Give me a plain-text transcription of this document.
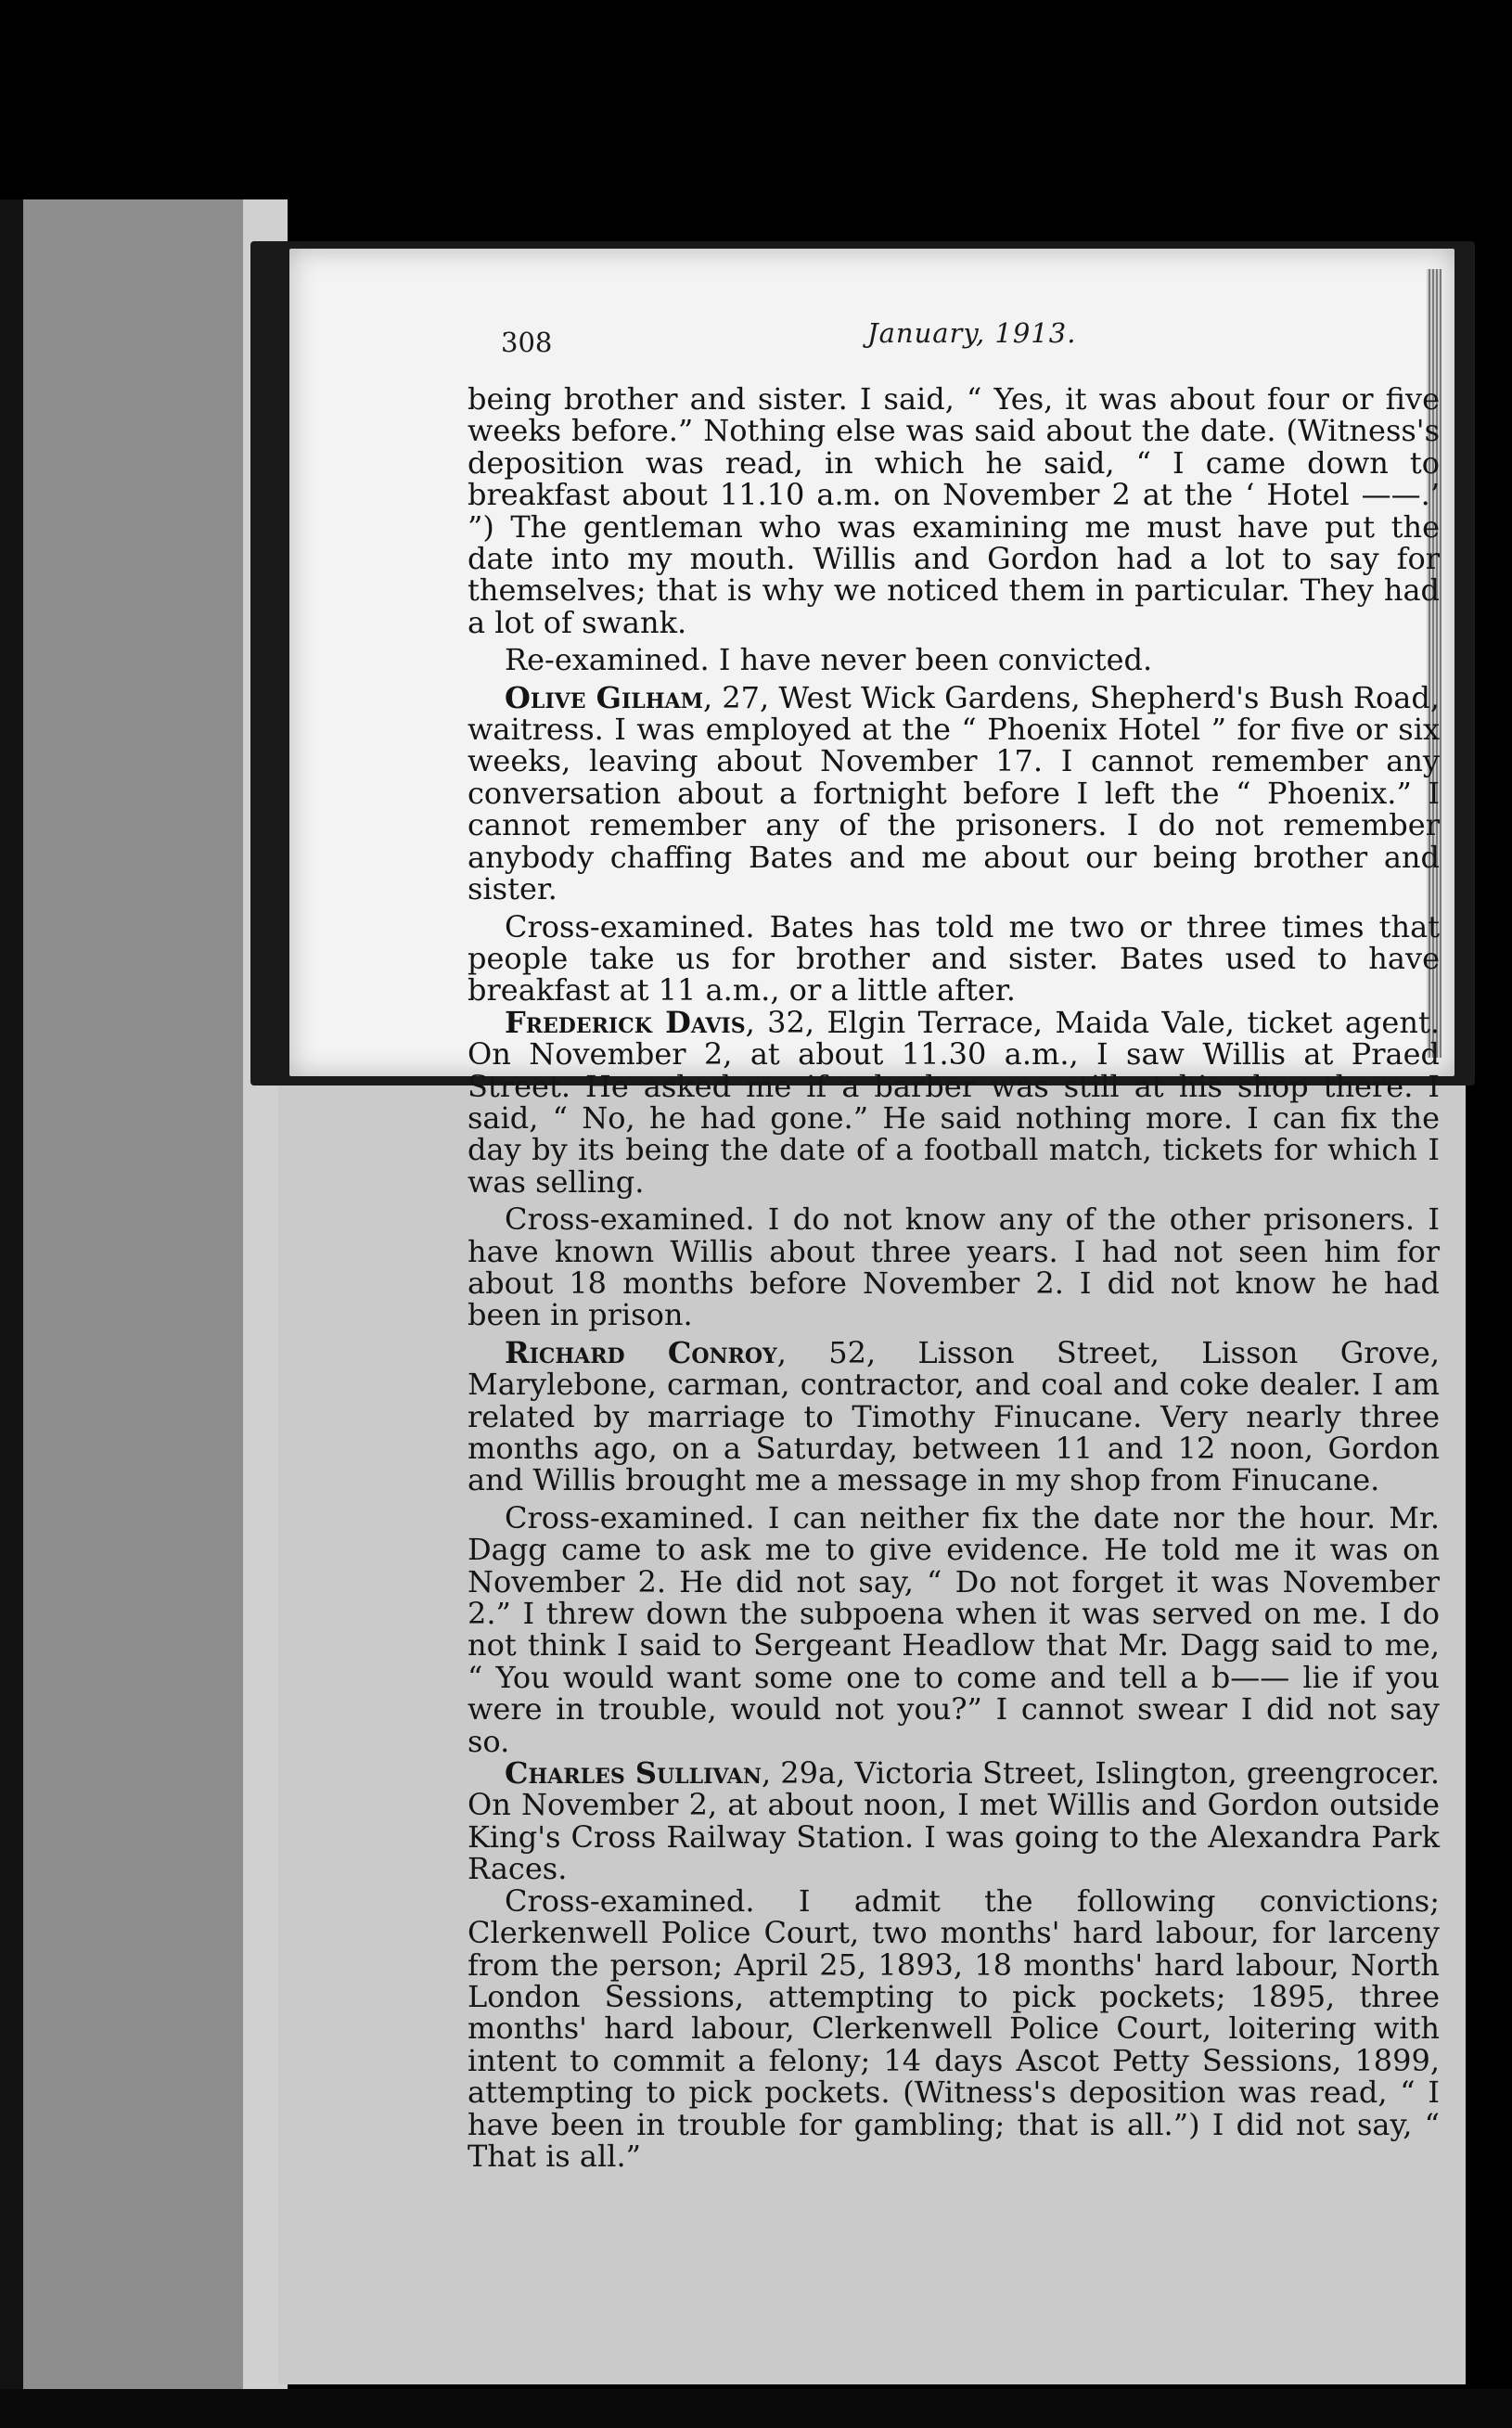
308	January, 1913.

being brother and sister. I said, “ Yes, it was about four or five weeks before.” Nothing else was said about the date. (Witness's deposition was read, in which he said, “ I came down to breakfast about 11.10 a.m. on November 2 at the ‘ Hotel ——.’ ”) The gentleman who was examining me must have put the date into my mouth. Willis and Gordon had a lot to say for themselves; that is why we noticed them in particular. They had a lot of swank.

Re-examined. I have never been convicted.

Olive Gilham, 27, West Wick Gardens, Shepherd's Bush Road, waitress. I was employed at the “ Phoenix Hotel ” for five or six weeks, leaving about November 17. I cannot remember any conversation about a fortnight before I left the “ Phoenix.” I cannot remember any of the prisoners. I do not remember anybody chaffing Bates and me about our being brother and sister.

Cross-examined. Bates has told me two or three times that people take us for brother and sister. Bates used to have breakfast at 11 a.m., or a little after.

Frederick Davis, 32, Elgin Terrace, Maida Vale, ticket agent. On November 2, at about 11.30 a.m., I saw Willis at Praed Street. He asked me if a barber was still at his shop there. I said, “ No, he had gone.” He said nothing more. I can fix the day by its being the date of a football match, tickets for which I was selling.

Cross-examined. I do not know any of the other prisoners. I have known Willis about three years. I had not seen him for about 18 months before November 2. I did not know he had been in prison.

Richard Conroy, 52, Lisson Street, Lisson Grove, Marylebone, carman, contractor, and coal and coke dealer. I am related by marriage to Timothy Finucane. Very nearly three months ago, on a Saturday, between 11 and 12 noon, Gordon and Willis brought me a message in my shop from Finucane.

Cross-examined. I can neither fix the date nor the hour. Mr. Dagg came to ask me to give evidence. He told me it was on November 2. He did not say, “ Do not forget it was November 2.” I threw down the subpoena when it was served on me. I do not think I said to Sergeant Headlow that Mr. Dagg said to me, “ You would want some one to come and tell a b—— lie if you were in trouble, would not you?” I cannot swear I did not say so.

Charles Sullivan, 29a, Victoria Street, Islington, greengrocer. On November 2, at about noon, I met Willis and Gordon outside King's Cross Railway Station. I was going to the Alexandra Park Races.

Cross-examined. I admit the following convictions; Clerkenwell Police Court, two months' hard labour, for larceny from the person; April 25, 1893, 18 months' hard labour, North London Sessions, attempting to pick pockets; 1895, three months' hard labour, Clerkenwell Police Court, loitering with intent to commit a felony; 14 days Ascot Petty Sessions, 1899, attempting to pick pockets. (Witness's deposition was read, “ I have been in trouble for gambling; that is all.”) I did not say, “ That is all.”
